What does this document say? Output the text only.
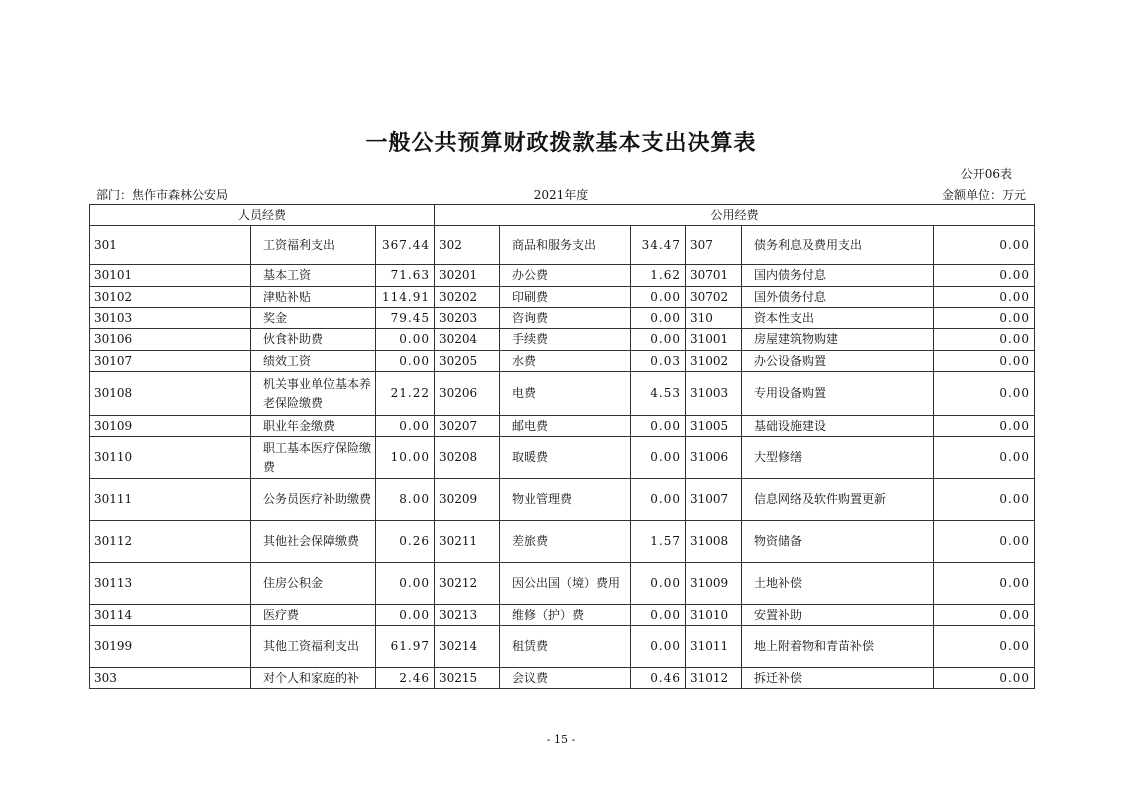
一般公共预算财政拨款基本支出决算表
公开06表
部门：焦作市森林公安局	2021年度	金额单位：万元
人员经费			公用经费					
301	工资福利支出	367.44	302	商品和服务支出	34.47	307	债务利息及费用支出	0.00
30101	基本工资	71.63	30201	办公费	1.62	30701	国内债务付息	0.00
30102	津贴补贴	114.91	30202	印刷费	0.00	30702	国外债务付息	0.00
30103	奖金	79.45	30203	咨询费	0.00	310	资本性支出	0.00
30106	伙食补助费	0.00	30204	手续费	0.00	31001	房屋建筑物购建	0.00
30107	绩效工资	0.00	30205	水费	0.03	31002	办公设备购置	0.00
30108	机关事业单位基本养老保险缴费	21.22	30206	电费	4.53	31003	专用设备购置	0.00
30109	职业年金缴费	0.00	30207	邮电费	0.00	31005	基础设施建设	0.00
30110	职工基本医疗保险缴费	10.00	30208	取暖费	0.00	31006	大型修缮	0.00
30111	公务员医疗补助缴费	8.00	30209	物业管理费	0.00	31007	信息网络及软件购置更新	0.00
30112	其他社会保障缴费	0.26	30211	差旅费	1.57	31008	物资储备	0.00
30113	住房公积金	0.00	30212	因公出国（境）费用	0.00	31009	土地补偿	0.00
30114	医疗费	0.00	30213	维修（护）费	0.00	31010	安置补助	0.00
30199	其他工资福利支出	61.97	30214	租赁费	0.00	31011	地上附着物和青苗补偿	0.00
303	对个人和家庭的补	2.46	30215	会议费	0.46	31012	拆迁补偿	0.00
- 15 -
